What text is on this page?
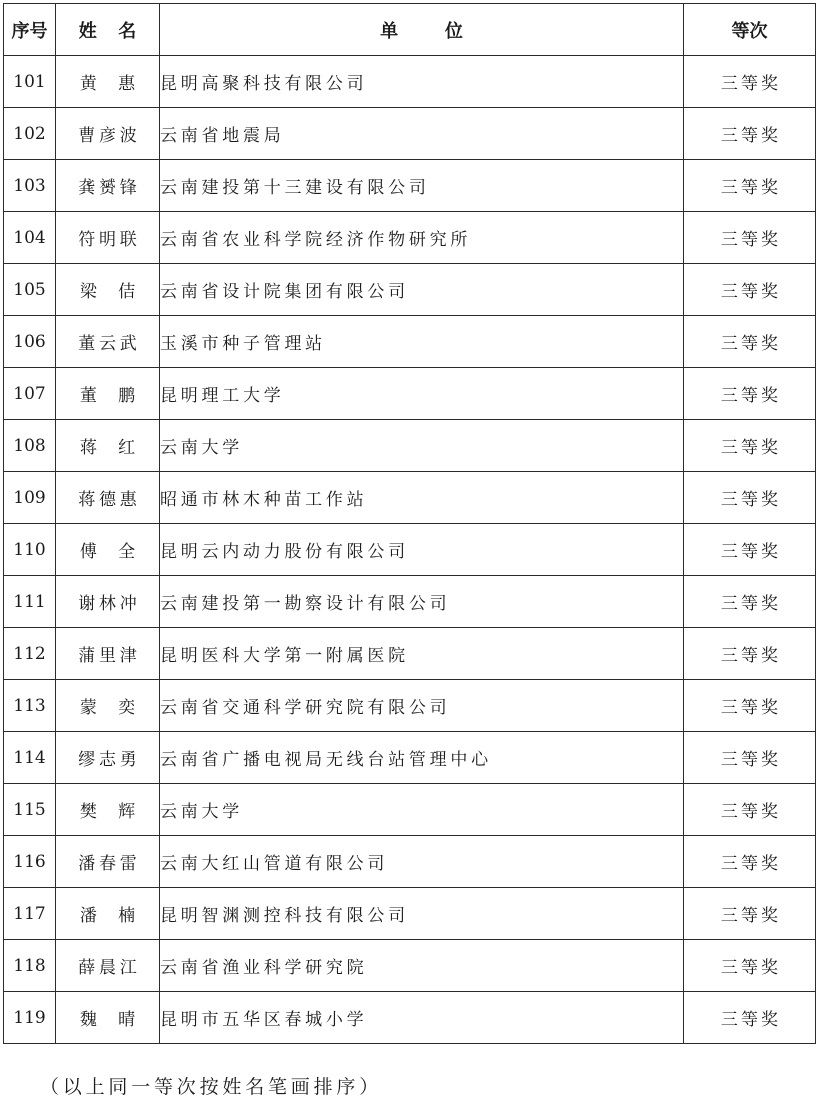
序号	姓名	单位	等次
101	黄惠	昆明高聚科技有限公司	三等奖
102	曹彦波	云南省地震局	三等奖
103	龚赟锋	云南建投第十三建设有限公司	三等奖
104	符明联	云南省农业科学院经济作物研究所	三等奖
105	梁佶	云南省设计院集团有限公司	三等奖
106	董云武	玉溪市种子管理站	三等奖
107	董鹏	昆明理工大学	三等奖
108	蒋红	云南大学	三等奖
109	蒋德惠	昭通市林木种苗工作站	三等奖
110	傅全	昆明云内动力股份有限公司	三等奖
111	谢林冲	云南建投第一勘察设计有限公司	三等奖
112	蒲里津	昆明医科大学第一附属医院	三等奖
113	蒙奕	云南省交通科学研究院有限公司	三等奖
114	缪志勇	云南省广播电视局无线台站管理中心	三等奖
115	樊辉	云南大学	三等奖
116	潘春雷	云南大红山管道有限公司	三等奖
117	潘楠	昆明智渊测控科技有限公司	三等奖
118	薛晨江	云南省渔业科学研究院	三等奖
119	魏晴	昆明市五华区春城小学	三等奖

（以上同一等次按姓名笔画排序）
